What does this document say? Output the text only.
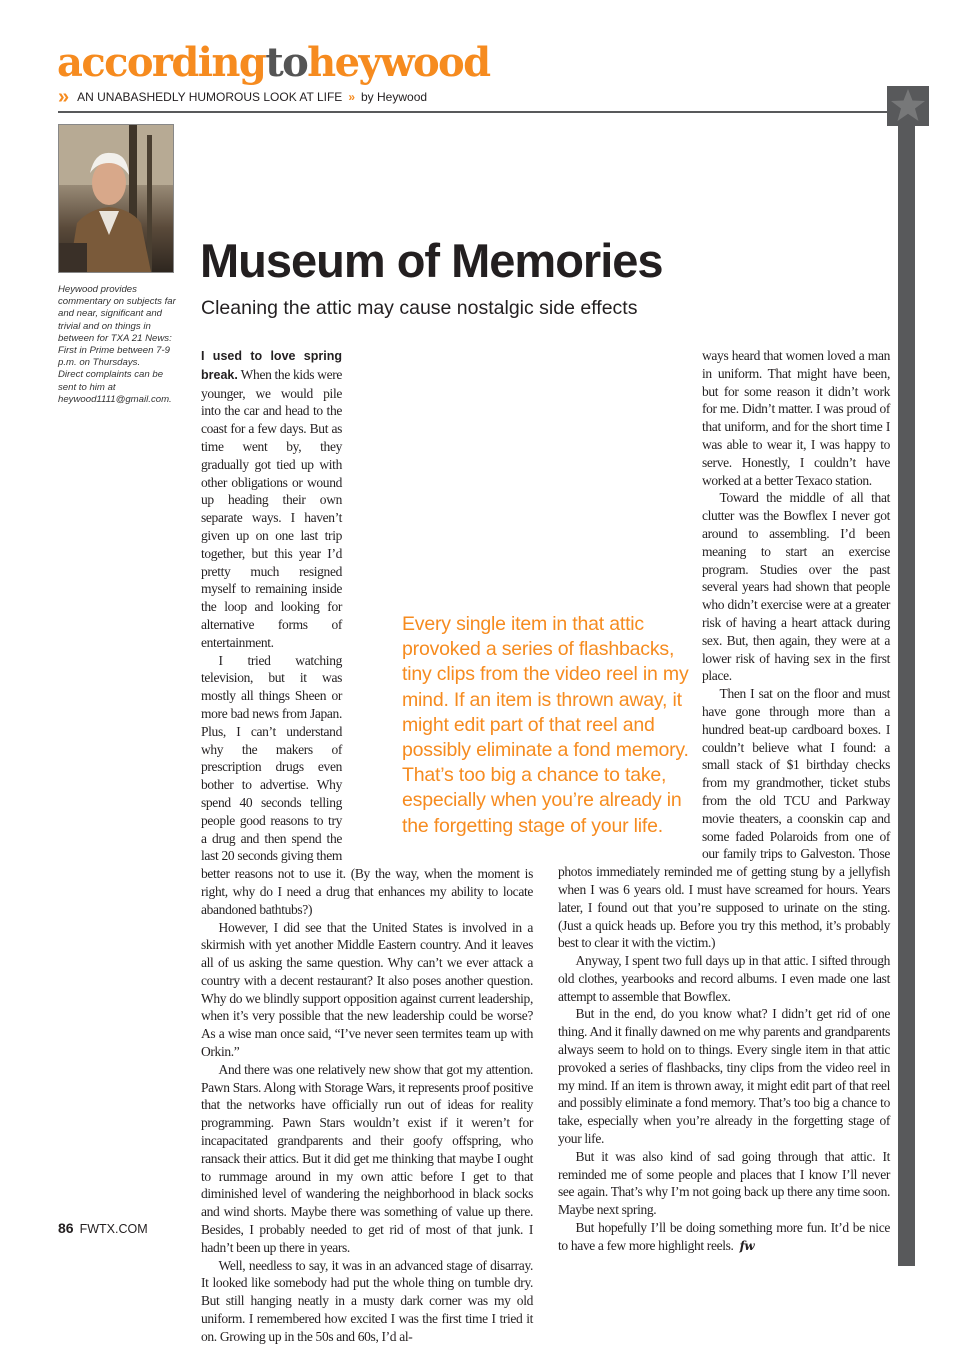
accordingtoheywood
» AN UNABASHEDLY HUMOROUS LOOK AT LIFE » by Heywood

Heywood provides commentary on subjects far and near, significant and trivial and on things in between for TXA 21 News: First in Prime between 7-9 p.m. on Thursdays.

Direct complaints can be sent to him at heywood1111@gmail.com.

Museum of Memories
Cleaning the attic may cause nostalgic side effects

I used to love spring break. When the kids were younger, we would pile into the car and head to the coast for a few days. But as time went by, they gradually got tied up with other obligations or wound up heading their own separate ways. I haven’t given up on one last trip together, but this year I’d pretty much resigned myself to remaining inside the loop and looking for alternative forms of entertainment.

I tried watching television, but it was mostly all things Sheen or more bad news from Japan. Plus, I can’t understand why the makers of prescription drugs even bother to advertise. Why spend 40 seconds telling people good reasons to try a drug and then spend the last 20 seconds giving them better reasons not to use it. (By the way, when the moment is right, why do I need a drug that enhances my ability to locate abandoned bathtubs?)

However, I did see that the United States is involved in a skirmish with yet another Middle Eastern country. And it leaves all of us asking the same question. Why can’t we ever attack a country with a decent restaurant? It also poses another question. Why do we blindly support opposition against current leadership, when it’s very possible that the new leadership could be worse? As a wise man once said, “I’ve never seen termites team up with Orkin.”

And there was one relatively new show that got my attention. Pawn Stars. Along with Storage Wars, it represents proof positive that the networks have officially run out of ideas for reality programming. Pawn Stars wouldn’t exist if it weren’t for incapacitated grandparents and their goofy offspring, who ransack their attics. But it did get me thinking that maybe I ought to rummage around in my own attic before I get to that diminished level of wandering the neighborhood in black socks and wind shorts. Maybe there was something of value up there. Besides, I probably needed to get rid of most of that junk. I hadn’t been up there in years.

Well, needless to say, it was in an advanced stage of disarray. It looked like somebody had put the whole thing on tumble dry. But still hanging neatly in a musty dark corner was my old uniform. I remembered how excited I was the first time I tried it on. Growing up in the 50s and 60s, I’d al-

ways heard that women loved a man in uniform. That might have been, but for some reason it didn’t work for me. Didn’t matter. I was proud of that uniform, and for the short time I was able to wear it, I was happy to serve. Honestly, I couldn’t have worked at a better Texaco station.

Toward the middle of all that clutter was the Bowflex I never got around to assembling. I’d been meaning to start an exercise program. Studies over the past several years had shown that people who didn’t exercise were at a greater risk of having a heart attack during sex. But, then again, they were at a lower risk of having sex in the first place.

Then I sat on the floor and must have gone through more than a hundred beat-up cardboard boxes. I couldn’t believe what I found: a small stack of $1 birthday checks from my grandmother, ticket stubs from the old TCU and Parkway movie theaters, a coonskin cap and some faded Polaroids from one of our family trips to Galveston. Those photos immediately reminded me of getting stung by a jellyfish when I was 6 years old. I must have screamed for hours. Years later, I found out that you’re supposed to urinate on the sting. (Just a quick heads up. Before you try this method, it’s probably best to clear it with the victim.)

Anyway, I spent two full days up in that attic. I sifted through old clothes, yearbooks and record albums. I even made one last attempt to assemble that Bowflex.

But in the end, do you know what? I didn’t get rid of one thing. And it finally dawned on me why parents and grandparents always seem to hold on to things. Every single item in that attic provoked a series of flashbacks, tiny clips from the video reel in my mind. If an item is thrown away, it might edit part of that reel and possibly eliminate a fond memory. That’s too big a chance to take, especially when you’re already in the forgetting stage of your life.

But it was also kind of sad going through that attic. It reminded me of some people and places that I know I’ll never see again. That’s why I’m not going back up there any time soon. Maybe next spring.

But hopefully I’ll be doing something more fun. It’d be nice to have a few more highlight reels. fw

Every single item in that attic provoked a series of flashbacks, tiny clips from the video reel in my mind. If an item is thrown away, it might edit part of that reel and possibly eliminate a fond memory. That’s too big a chance to take, especially when you’re already in the forgetting stage of your life.
86 FWTX.COM
